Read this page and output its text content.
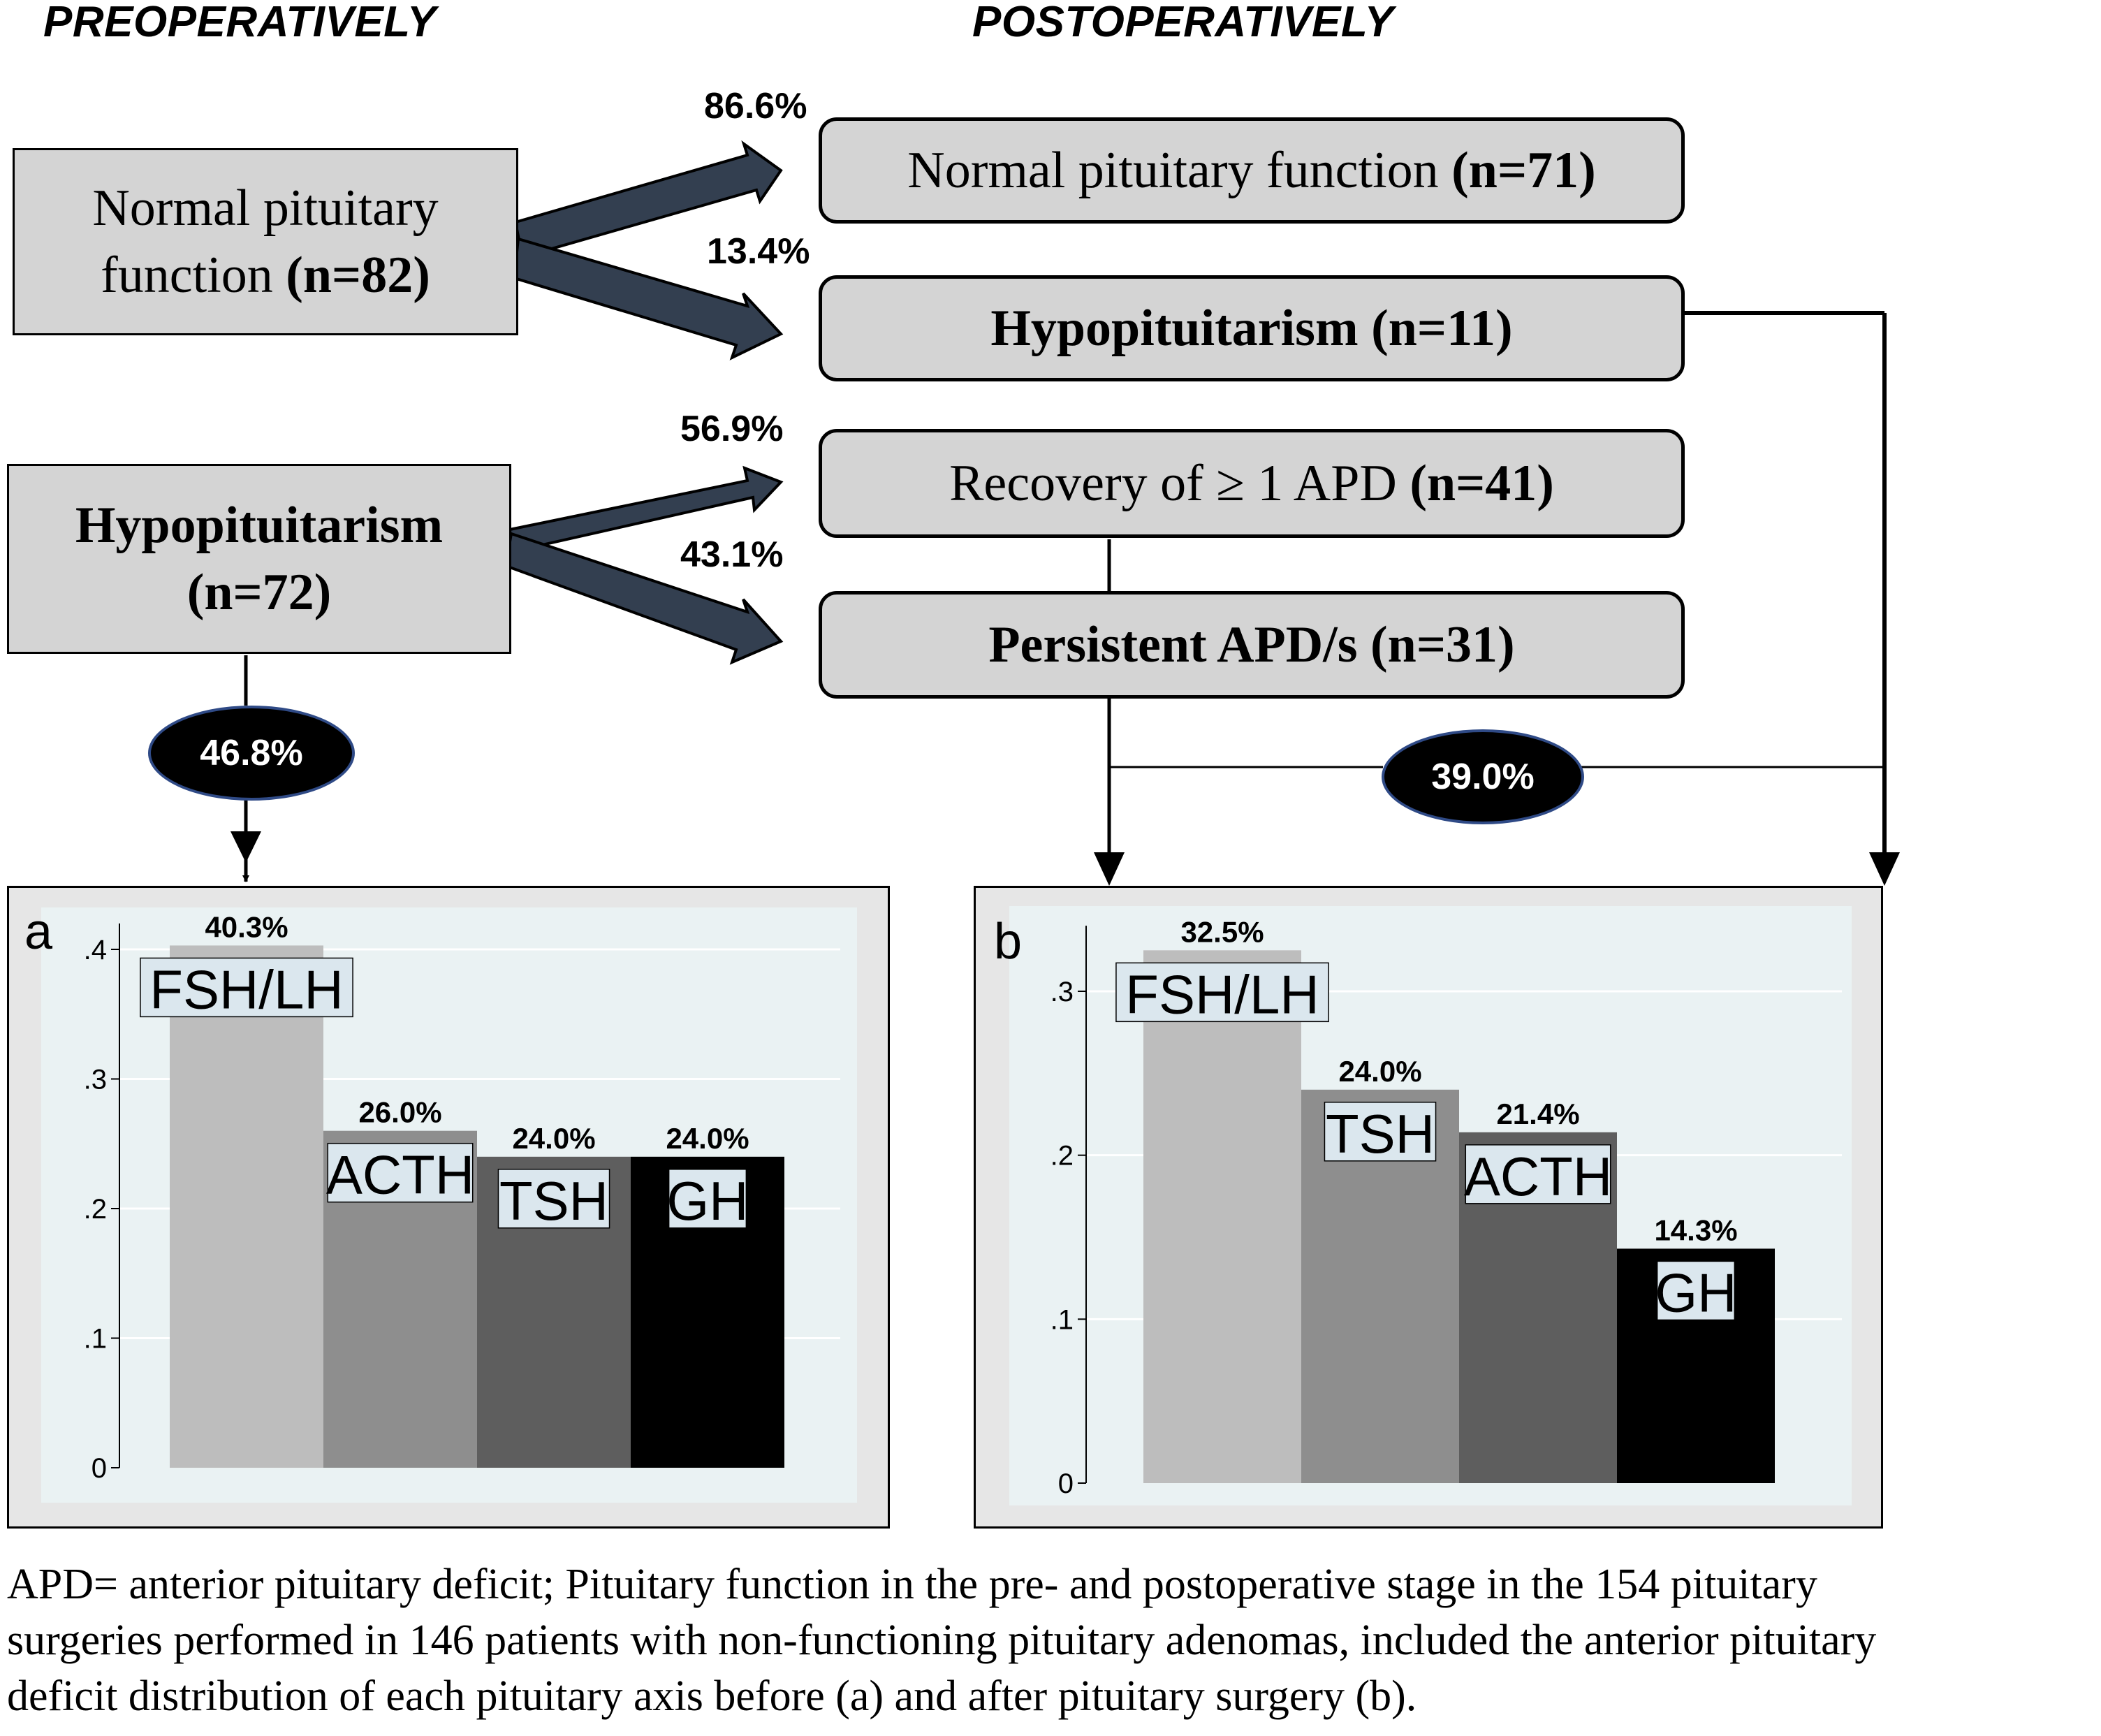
PREOPERATIVELY	POSTOPERATIVELY
Normal pituitary
function (n=82)
Hypopituitarism
(n=72)
Normal pituitary function (n=71)
Hypopituitarism (n=11)
Recovery of ≥ 1 APD (n=41)
Persistent APD/s (n=31)
86.6%
13.4%
56.9%
43.1%
46.8%
39.0%
a
0
.1
.2
.3
.4
40.3%
FSH/LH
26.0%
ACTH
24.0%
TSH
24.0%
GH
b
0
.1
.2
.3
32.5%
FSH/LH
24.0%
TSH 21.4%
ACTH
14.3%
GH
APD= anterior pituitary deficit; Pituitary function in the pre- and postoperative stage in the 154 pituitary
surgeries performed in 146 patients with non-functioning pituitary adenomas, included the anterior pituitary
deficit distribution of each pituitary axis before (a) and after pituitary surgery (b).
